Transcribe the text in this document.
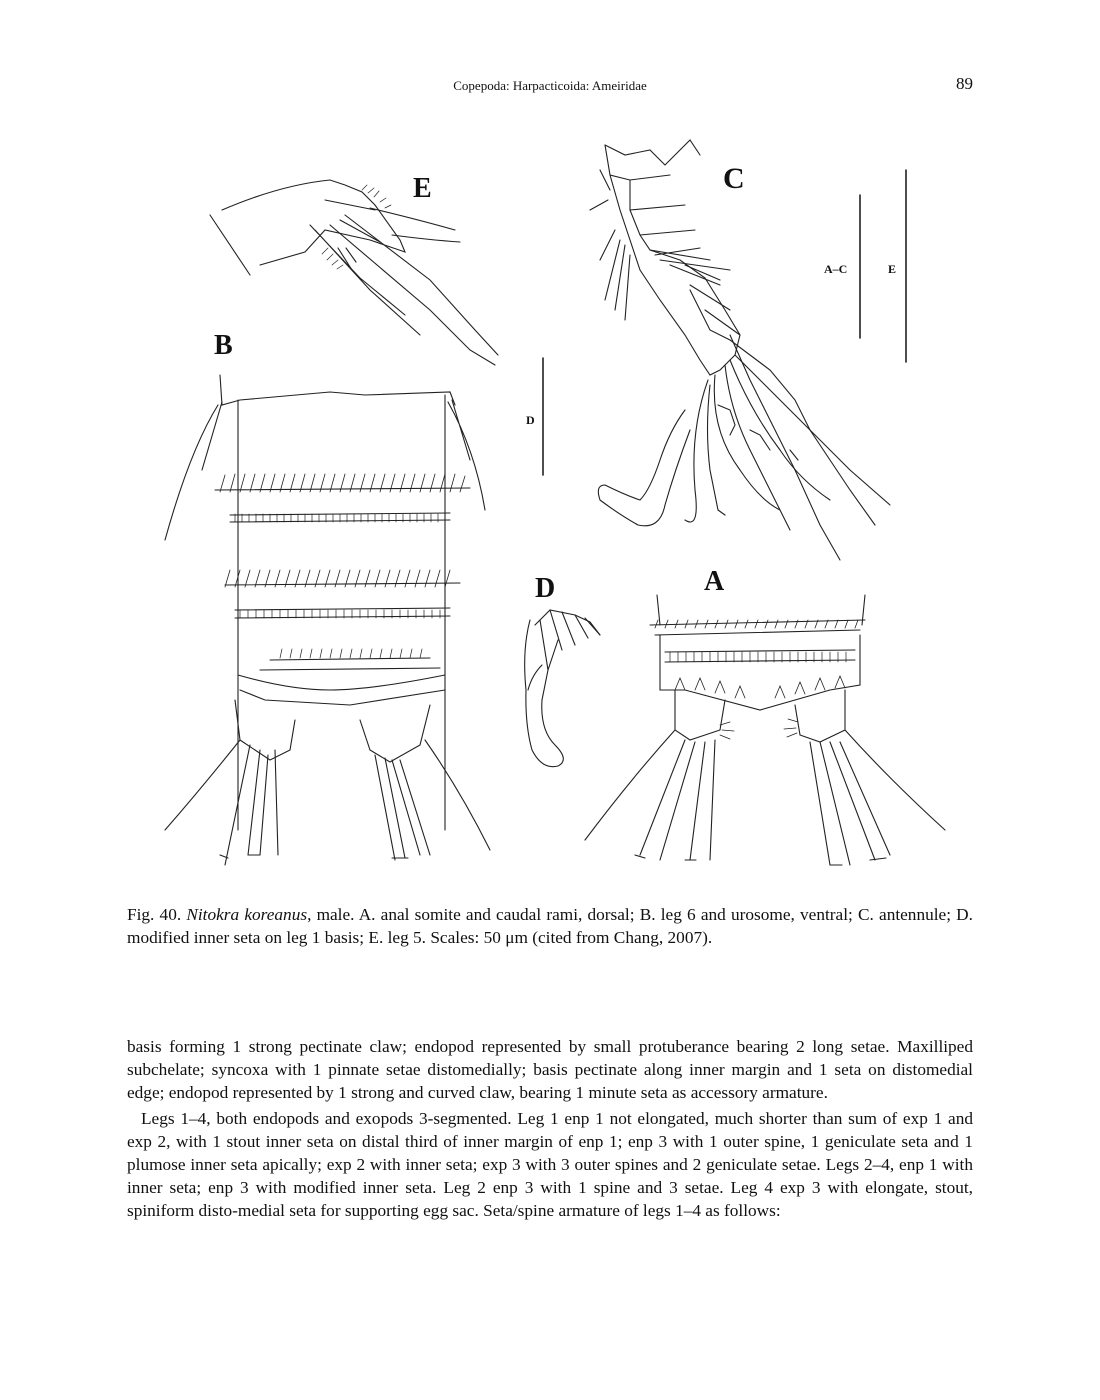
Copepoda: Harpacticoida: Ameiridae	89
E
B
D
D
C
A–C	E
A
Fig. 40. Nitokra koreanus, male. A. anal somite and caudal rami, dorsal; B. leg 6 and urosome, ventral; C. antennule; D. modified inner seta on leg 1 basis; E. leg 5. Scales: 50 μm (cited from Chang, 2007).

basis forming 1 strong pectinate claw; endopod represented by small protuberance bearing 2 long setae. Maxilliped subchelate; syncoxa with 1 pinnate setae distomedially; basis pectinate along inner margin and 1 seta on distomedial edge; endopod represented by 1 strong and curved claw, bearing 1 minute seta as accessory armature.

Legs 1–4, both endopods and exopods 3-segmented. Leg 1 enp 1 not elongated, much shorter than sum of exp 1 and exp 2, with 1 stout inner seta on distal third of inner margin of enp 1; enp 3 with 1 outer spine, 1 geniculate seta and 1 plumose inner seta apically; exp 2 with inner seta; exp 3 with 3 outer spines and 2 geniculate setae. Legs 2–4, enp 1 with inner seta; enp 3 with modified inner seta. Leg 2 enp 3 with 1 spine and 3 setae. Leg 4 exp 3 with elongate, stout, spiniform disto-medial seta for supporting egg sac. Seta/spine armature of legs 1–4 as follows:
